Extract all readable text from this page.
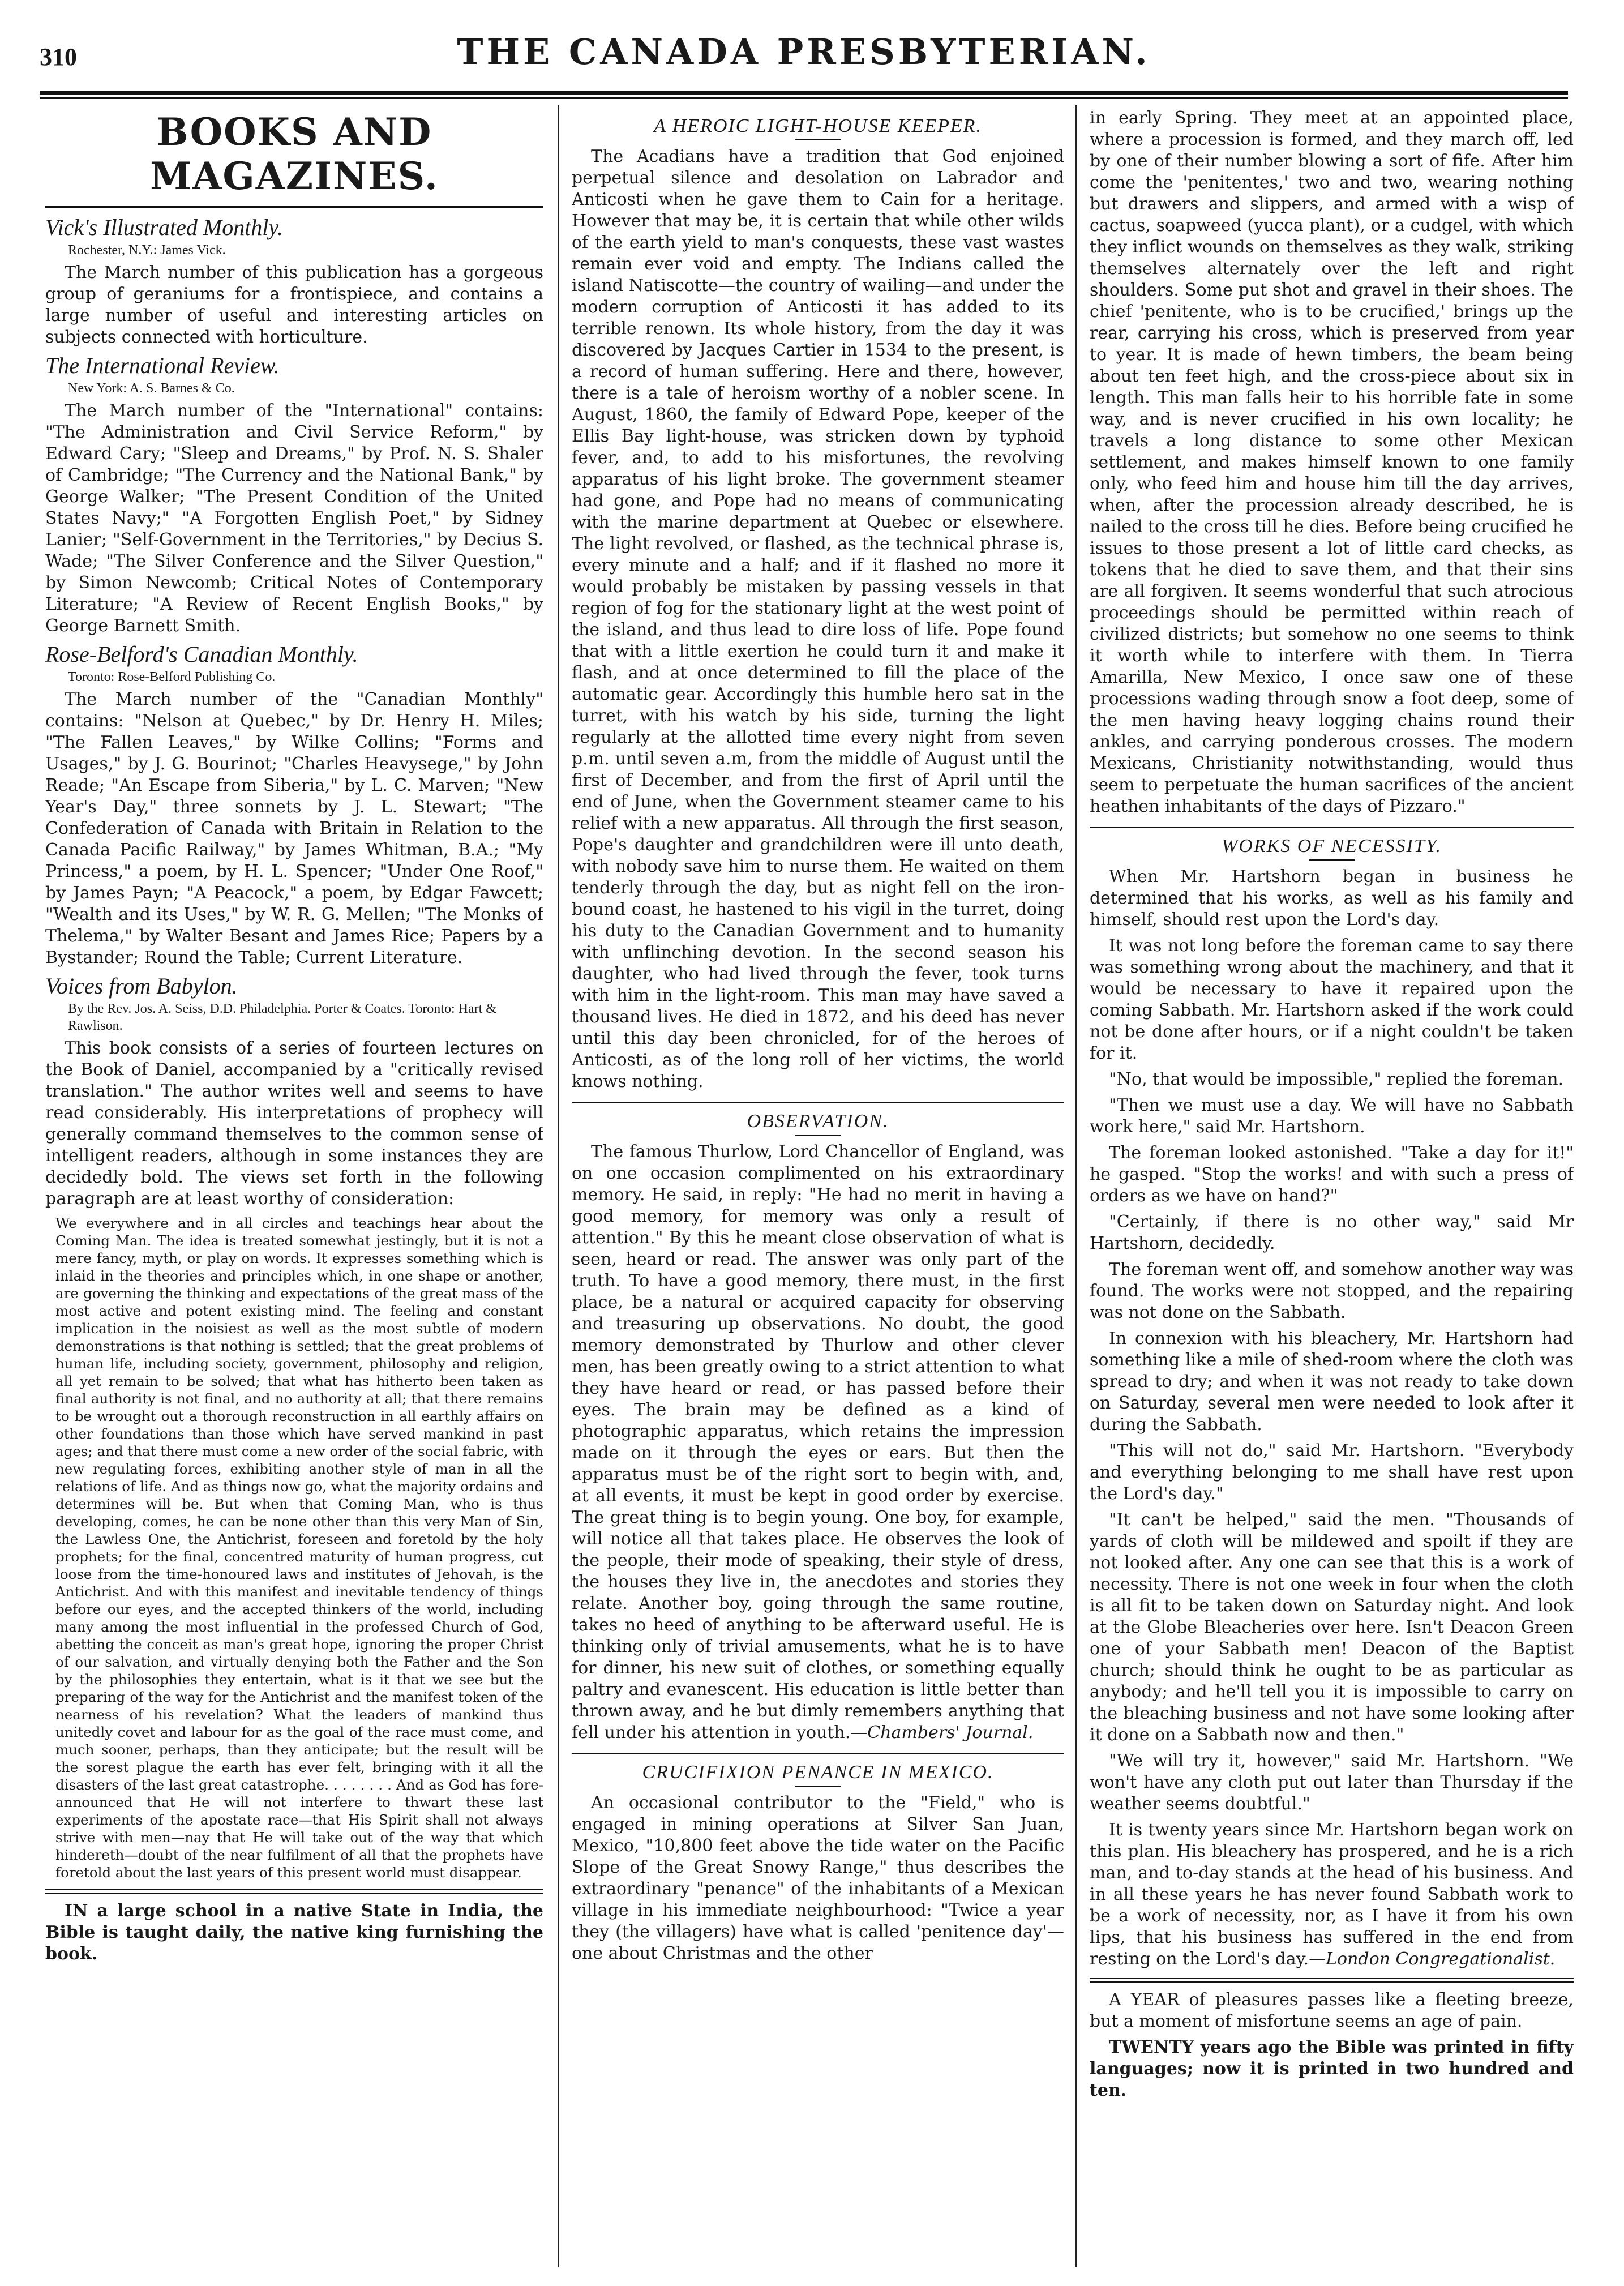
310	THE CANADA PRESBYTERIAN.
BOOKS AND MAGAZINES.
Vick's Illustrated Monthly.
Rochester, N.Y.: James Vick.

The March number of this publication has a gorgeous group of geraniums for a frontispiece, and contains a large number of useful and interesting articles on subjects connected with horticulture.

The International Review.
New York: A. S. Barnes & Co.

The March number of the "International" contains: "The Administration and Civil Service Reform," by Edward Cary; "Sleep and Dreams," by Prof. N. S. Shaler of Cambridge; "The Currency and the National Bank," by George Walker; "The Present Condition of the United States Navy;" "A Forgotten English Poet," by Sidney Lanier; "Self-Government in the Territories," by Decius S. Wade; "The Silver Conference and the Silver Question," by Simon Newcomb; Critical Notes of Contemporary Literature; "A Review of Recent English Books," by George Barnett Smith.

Rose-Belford's Canadian Monthly.
Toronto: Rose-Belford Publishing Co.

The March number of the "Canadian Monthly" contains: "Nelson at Quebec," by Dr. Henry H. Miles; "The Fallen Leaves," by Wilke Collins; "Forms and Usages," by J. G. Bourinot; "Charles Heavysege," by John Reade; "An Escape from Siberia," by L. C. Marven; "New Year's Day," three sonnets by J. L. Stewart; "The Confederation of Canada with Britain in Relation to the Canada Pacific Railway," by James Whitman, B.A.; "My Princess," a poem, by H. L. Spencer; "Under One Roof," by James Payn; "A Peacock," a poem, by Edgar Fawcett; "Wealth and its Uses," by W. R. G. Mellen; "The Monks of Thelema," by Walter Besant and James Rice; Papers by a Bystander; Round the Table; Current Literature.

Voices from Babylon.
By the Rev. Jos. A. Seiss, D.D. Philadelphia. Porter & Coates. Toronto: Hart & Rawlison.

This book consists of a series of fourteen lectures on the Book of Daniel, accompanied by a "critically revised translation." The author writes well and seems to have read considerably. His interpretations of prophecy will generally command themselves to the common sense of intelligent readers, although in some instances they are decidedly bold. The views set forth in the following paragraph are at least worthy of consideration:

We everywhere and in all circles and teachings hear about the Coming Man. The idea is treated somewhat jestingly, but it is not a mere fancy, myth, or play on words. It expresses something which is inlaid in the theories and principles which, in one shape or another, are governing the thinking and expectations of the great mass of the most active and potent existing mind. The feeling and constant implication in the noisiest as well as the most subtle of modern demonstrations is that nothing is settled; that the great problems of human life, including society, government, philosophy and religion, all yet remain to be solved; that what has hitherto been taken as final authority is not final, and no authority at all; that there remains to be wrought out a thorough reconstruction in all earthly affairs on other foundations than those which have served mankind in past ages; and that there must come a new order of the social fabric, with new regulating forces, exhibiting another style of man in all the relations of life. And as things now go, what the majority ordains and determines will be. But when that Coming Man, who is thus developing, comes, he can be none other than this very Man of Sin, the Lawless One, the Antichrist, foreseen and foretold by the holy prophets; for the final, concentred maturity of human progress, cut loose from the time-honoured laws and institutes of Jehovah, is the Antichrist. And with this manifest and inevitable tendency of things before our eyes, and the accepted thinkers of the world, including many among the most influential in the professed Church of God, abetting the conceit as man's great hope, ignoring the proper Christ of our salvation, and virtually denying both the Father and the Son by the philosophies they entertain, what is it that we see but the preparing of the way for the Antichrist and the manifest token of the nearness of his revelation? What the leaders of mankind thus unitedly covet and labour for as the goal of the race must come, and much sooner, perhaps, than they anticipate; but the result will be the sorest plague the earth has ever felt, bringing with it all the disasters of the last great catastrophe. . . . . . . . And as God has fore-announced that He will not interfere to thwart these last experiments of the apostate race—that His Spirit shall not always strive with men—nay that He will take out of the way that which hindereth—doubt of the near fulfilment of all that the prophets have foretold about the last years of this present world must disappear.

IN a large school in a native State in India, the Bible is taught daily, the native king furnishing the book.

A HEROIC LIGHT-HOUSE KEEPER.

The Acadians have a tradition that God enjoined perpetual silence and desolation on Labrador and Anticosti when he gave them to Cain for a heritage. However that may be, it is certain that while other wilds of the earth yield to man's conquests, these vast wastes remain ever void and empty. The Indians called the island Natiscotte—the country of wailing—and under the modern corruption of Anticosti it has added to its terrible renown. Its whole history, from the day it was discovered by Jacques Cartier in 1534 to the present, is a record of human suffering. Here and there, however, there is a tale of heroism worthy of a nobler scene. In August, 1860, the family of Edward Pope, keeper of the Ellis Bay light-house, was stricken down by typhoid fever, and, to add to his misfortunes, the revolving apparatus of his light broke. The government steamer had gone, and Pope had no means of communicating with the marine department at Quebec or elsewhere. The light revolved, or flashed, as the technical phrase is, every minute and a half; and if it flashed no more it would probably be mistaken by passing vessels in that region of fog for the stationary light at the west point of the island, and thus lead to dire loss of life. Pope found that with a little exertion he could turn it and make it flash, and at once determined to fill the place of the automatic gear. Accordingly this humble hero sat in the turret, with his watch by his side, turning the light regularly at the allotted time every night from seven p.m. until seven a.m, from the middle of August until the first of December, and from the first of April until the end of June, when the Government steamer came to his relief with a new apparatus. All through the first season, Pope's daughter and grandchildren were ill unto death, with nobody save him to nurse them. He waited on them tenderly through the day, but as night fell on the iron-bound coast, he hastened to his vigil in the turret, doing his duty to the Canadian Government and to humanity with unflinching devotion. In the second season his daughter, who had lived through the fever, took turns with him in the light-room. This man may have saved a thousand lives. He died in 1872, and his deed has never until this day been chronicled, for of the heroes of Anticosti, as of the long roll of her victims, the world knows nothing.

OBSERVATION.

The famous Thurlow, Lord Chancellor of England, was on one occasion complimented on his extraordinary memory. He said, in reply: "He had no merit in having a good memory, for memory was only a result of attention." By this he meant close observation of what is seen, heard or read. The answer was only part of the truth. To have a good memory, there must, in the first place, be a natural or acquired capacity for observing and treasuring up observations. No doubt, the good memory demonstrated by Thurlow and other clever men, has been greatly owing to a strict attention to what they have heard or read, or has passed before their eyes. The brain may be defined as a kind of photographic apparatus, which retains the impression made on it through the eyes or ears. But then the apparatus must be of the right sort to begin with, and, at all events, it must be kept in good order by exercise. The great thing is to begin young. One boy, for example, will notice all that takes place. He observes the look of the people, their mode of speaking, their style of dress, the houses they live in, the anecdotes and stories they relate. Another boy, going through the same routine, takes no heed of anything to be afterward useful. He is thinking only of trivial amusements, what he is to have for dinner, his new suit of clothes, or something equally paltry and evanescent. His education is little better than thrown away, and he but dimly remembers anything that fell under his attention in youth.—Chambers' Journal.

CRUCIFIXION PENANCE IN MEXICO.

An occasional contributor to the "Field," who is engaged in mining operations at Silver San Juan, Mexico, "10,800 feet above the tide water on the Pacific Slope of the Great Snowy Range," thus describes the extraordinary "penance" of the inhabitants of a Mexican village in his immediate neighbourhood: "Twice a year they (the villagers) have what is called 'penitence day'—one about Christmas and the other

in early Spring. They meet at an appointed place, where a procession is formed, and they march off, led by one of their number blowing a sort of fife. After him come the 'penitentes,' two and two, wearing nothing but drawers and slippers, and armed with a wisp of cactus, soapweed (yucca plant), or a cudgel, with which they inflict wounds on themselves as they walk, striking themselves alternately over the left and right shoulders. Some put shot and gravel in their shoes. The chief 'penitente, who is to be crucified,' brings up the rear, carrying his cross, which is preserved from year to year. It is made of hewn timbers, the beam being about ten feet high, and the cross-piece about six in length. This man falls heir to his horrible fate in some way, and is never crucified in his own locality; he travels a long distance to some other Mexican settlement, and makes himself known to one family only, who feed him and house him till the day arrives, when, after the procession already described, he is nailed to the cross till he dies. Before being crucified he issues to those present a lot of little card checks, as tokens that he died to save them, and that their sins are all forgiven. It seems wonderful that such atrocious proceedings should be permitted within reach of civilized districts; but somehow no one seems to think it worth while to interfere with them. In Tierra Amarilla, New Mexico, I once saw one of these processions wading through snow a foot deep, some of the men having heavy logging chains round their ankles, and carrying ponderous crosses. The modern Mexicans, Christianity notwithstanding, would thus seem to perpetuate the human sacrifices of the ancient heathen inhabitants of the days of Pizzaro."

WORKS OF NECESSITY.

When Mr. Hartshorn began in business he determined that his works, as well as his family and himself, should rest upon the Lord's day.

It was not long before the foreman came to say there was something wrong about the machinery, and that it would be necessary to have it repaired upon the coming Sabbath. Mr. Hartshorn asked if the work could not be done after hours, or if a night couldn't be taken for it.

"No, that would be impossible," replied the foreman.

"Then we must use a day. We will have no Sabbath work here," said Mr. Hartshorn.

The foreman looked astonished. "Take a day for it!" he gasped. "Stop the works! and with such a press of orders as we have on hand?"

"Certainly, if there is no other way," said Mr Hartshorn, decidedly.

The foreman went off, and somehow another way was found. The works were not stopped, and the repairing was not done on the Sabbath.

In connexion with his bleachery, Mr. Hartshorn had something like a mile of shed-room where the cloth was spread to dry; and when it was not ready to take down on Saturday, several men were needed to look after it during the Sabbath.

"This will not do," said Mr. Hartshorn. "Everybody and everything belonging to me shall have rest upon the Lord's day."

"It can't be helped," said the men. "Thousands of yards of cloth will be mildewed and spoilt if they are not looked after. Any one can see that this is a work of necessity. There is not one week in four when the cloth is all fit to be taken down on Saturday night. And look at the Globe Bleacheries over here. Isn't Deacon Green one of your Sabbath men! Deacon of the Baptist church; should think he ought to be as particular as anybody; and he'll tell you it is impossible to carry on the bleaching business and not have some looking after it done on a Sabbath now and then."

"We will try it, however," said Mr. Hartshorn. "We won't have any cloth put out later than Thursday if the weather seems doubtful."

It is twenty years since Mr. Hartshorn began work on this plan. His bleachery has prospered, and he is a rich man, and to-day stands at the head of his business. And in all these years he has never found Sabbath work to be a work of necessity, nor, as I have it from his own lips, that his business has suffered in the end from resting on the Lord's day.—London Congregationalist.

A YEAR of pleasures passes like a fleeting breeze, but a moment of misfortune seems an age of pain.

TWENTY years ago the Bible was printed in fifty languages; now it is printed in two hundred and ten.
